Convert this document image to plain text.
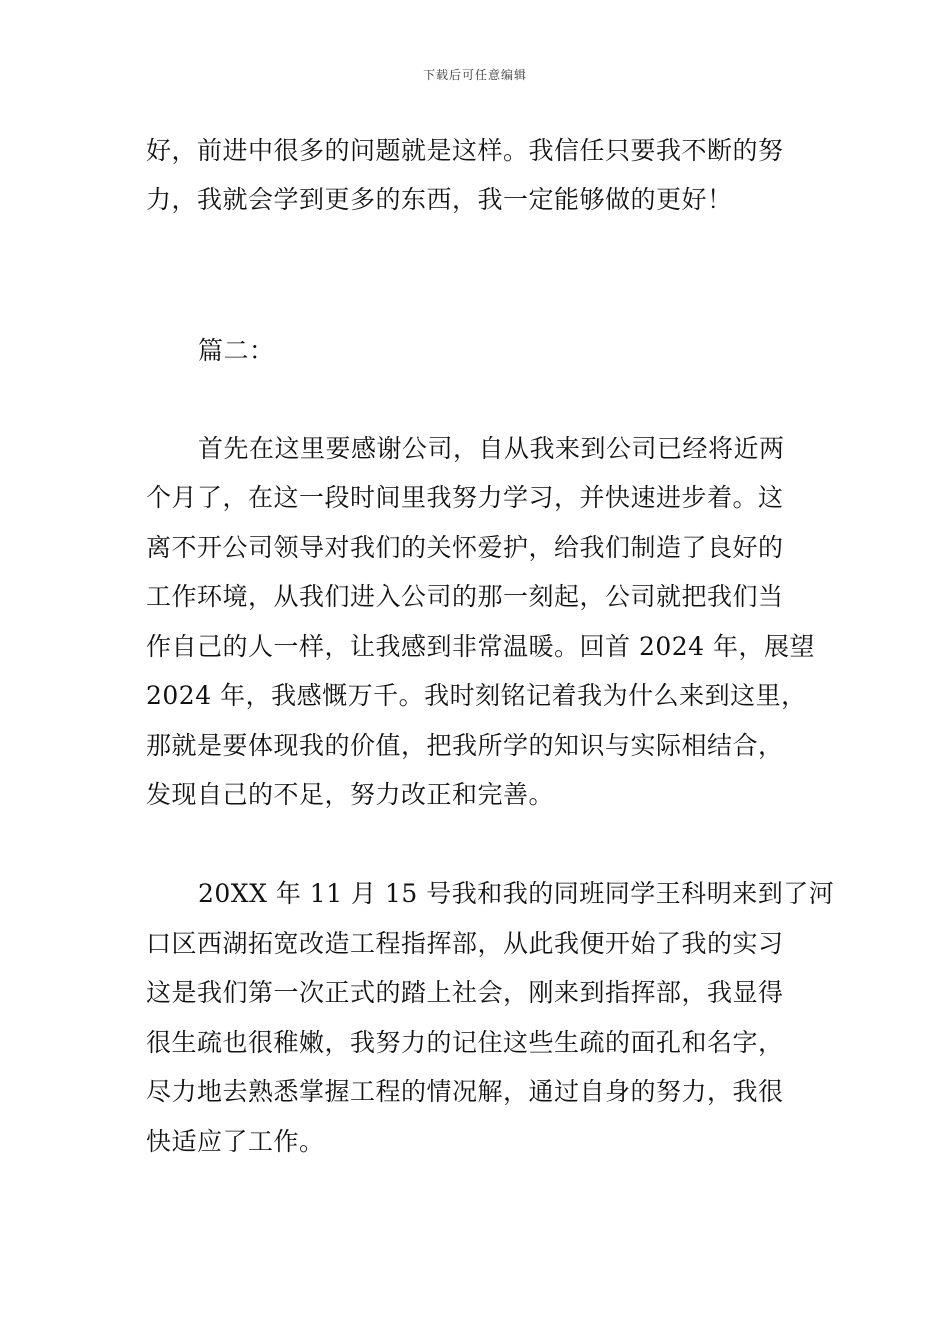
下载后可任意编辑
好，前进中很多的问题就是这样。我信任只要我不断的努
力，我就会学到更多的东西，我一定能够做的更好！
篇二：
首先在这里要感谢公司，自从我来到公司已经将近两
个月了，在这一段时间里我努力学习，并快速进步着。这
离不开公司领导对我们的关怀爱护，给我们制造了良好的
工作环境，从我们进入公司的那一刻起，公司就把我们当
作自己的人一样，让我感到非常温暖。回首 2024 年，展望
2024 年，我感慨万千。我时刻铭记着我为什么来到这里，
那就是要体现我的价值，把我所学的知识与实际相结合，
发现自己的不足，努力改正和完善。
20XX 年 11 月 15 号我和我的同班同学王科明来到了河
口区西湖拓宽改造工程指挥部，从此我便开始了我的实习
这是我们第一次正式的踏上社会，刚来到指挥部，我显得
很生疏也很稚嫩，我努力的记住这些生疏的面孔和名字，
尽力地去熟悉掌握工程的情况解，通过自身的努力，我很
快适应了工作。
